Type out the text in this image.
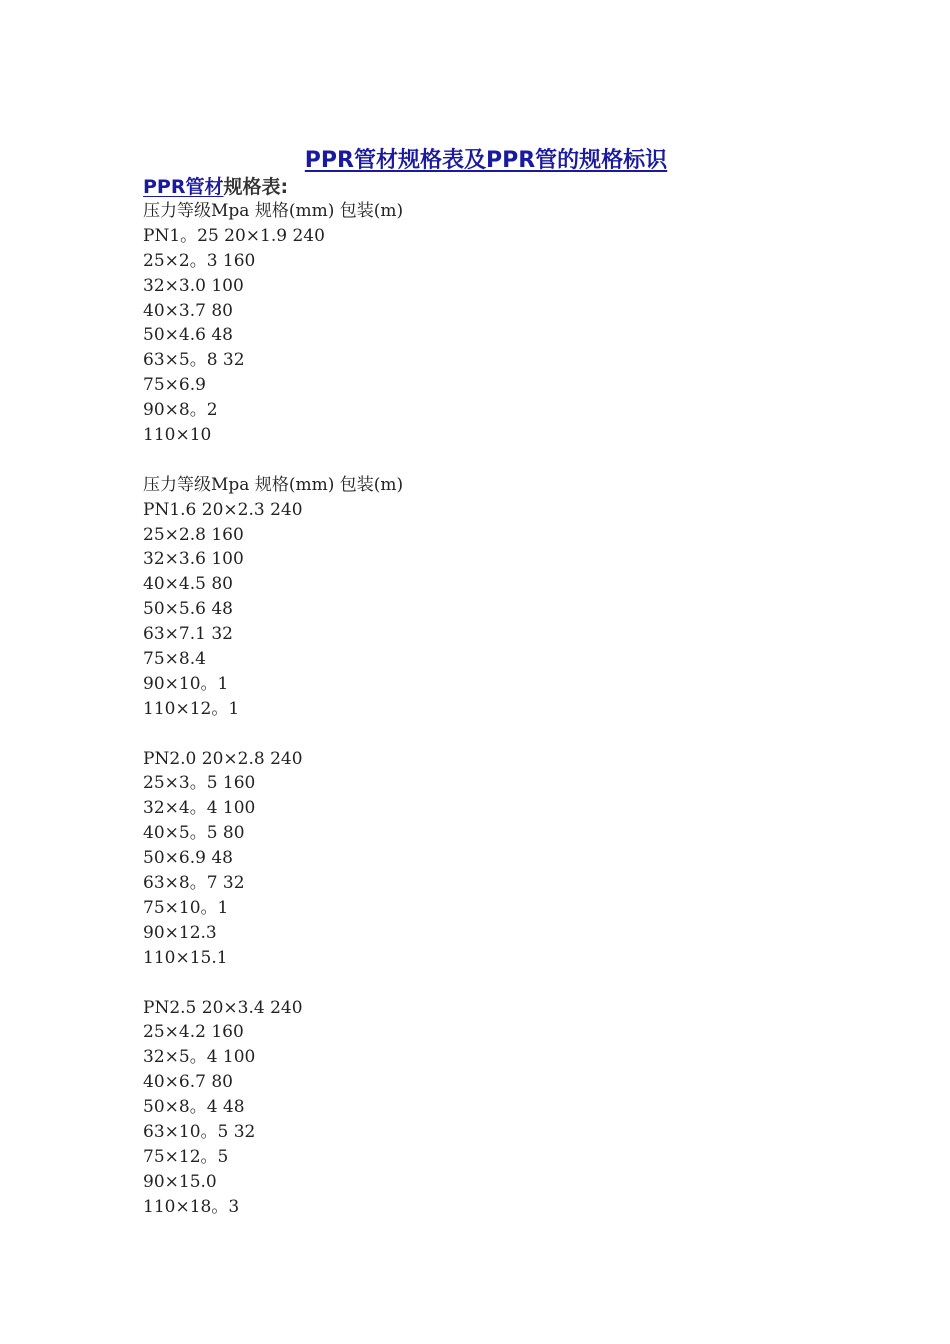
PPR管材规格表及PPR管的规格标识
PPR管材规格表:
压力等级Mpa 规格(mm) 包装(m)
PN1。25 20×1.9 240
25×2。3 160
32×3.0 100
40×3.7 80
50×4.6 48
63×5。8 32
75×6.9
90×8。2
110×10
压力等级Mpa 规格(mm) 包装(m)
PN1.6 20×2.3 240
25×2.8 160
32×3.6 100
40×4.5 80
50×5.6 48
63×7.1 32
75×8.4
90×10。1
110×12。1
PN2.0 20×2.8 240
25×3。5 160
32×4。4 100
40×5。5 80
50×6.9 48
63×8。7 32
75×10。1
90×12.3
110×15.1
PN2.5 20×3.4 240
25×4.2 160
32×5。4 100
40×6.7 80
50×8。4 48
63×10。5 32
75×12。5
90×15.0
110×18。3
